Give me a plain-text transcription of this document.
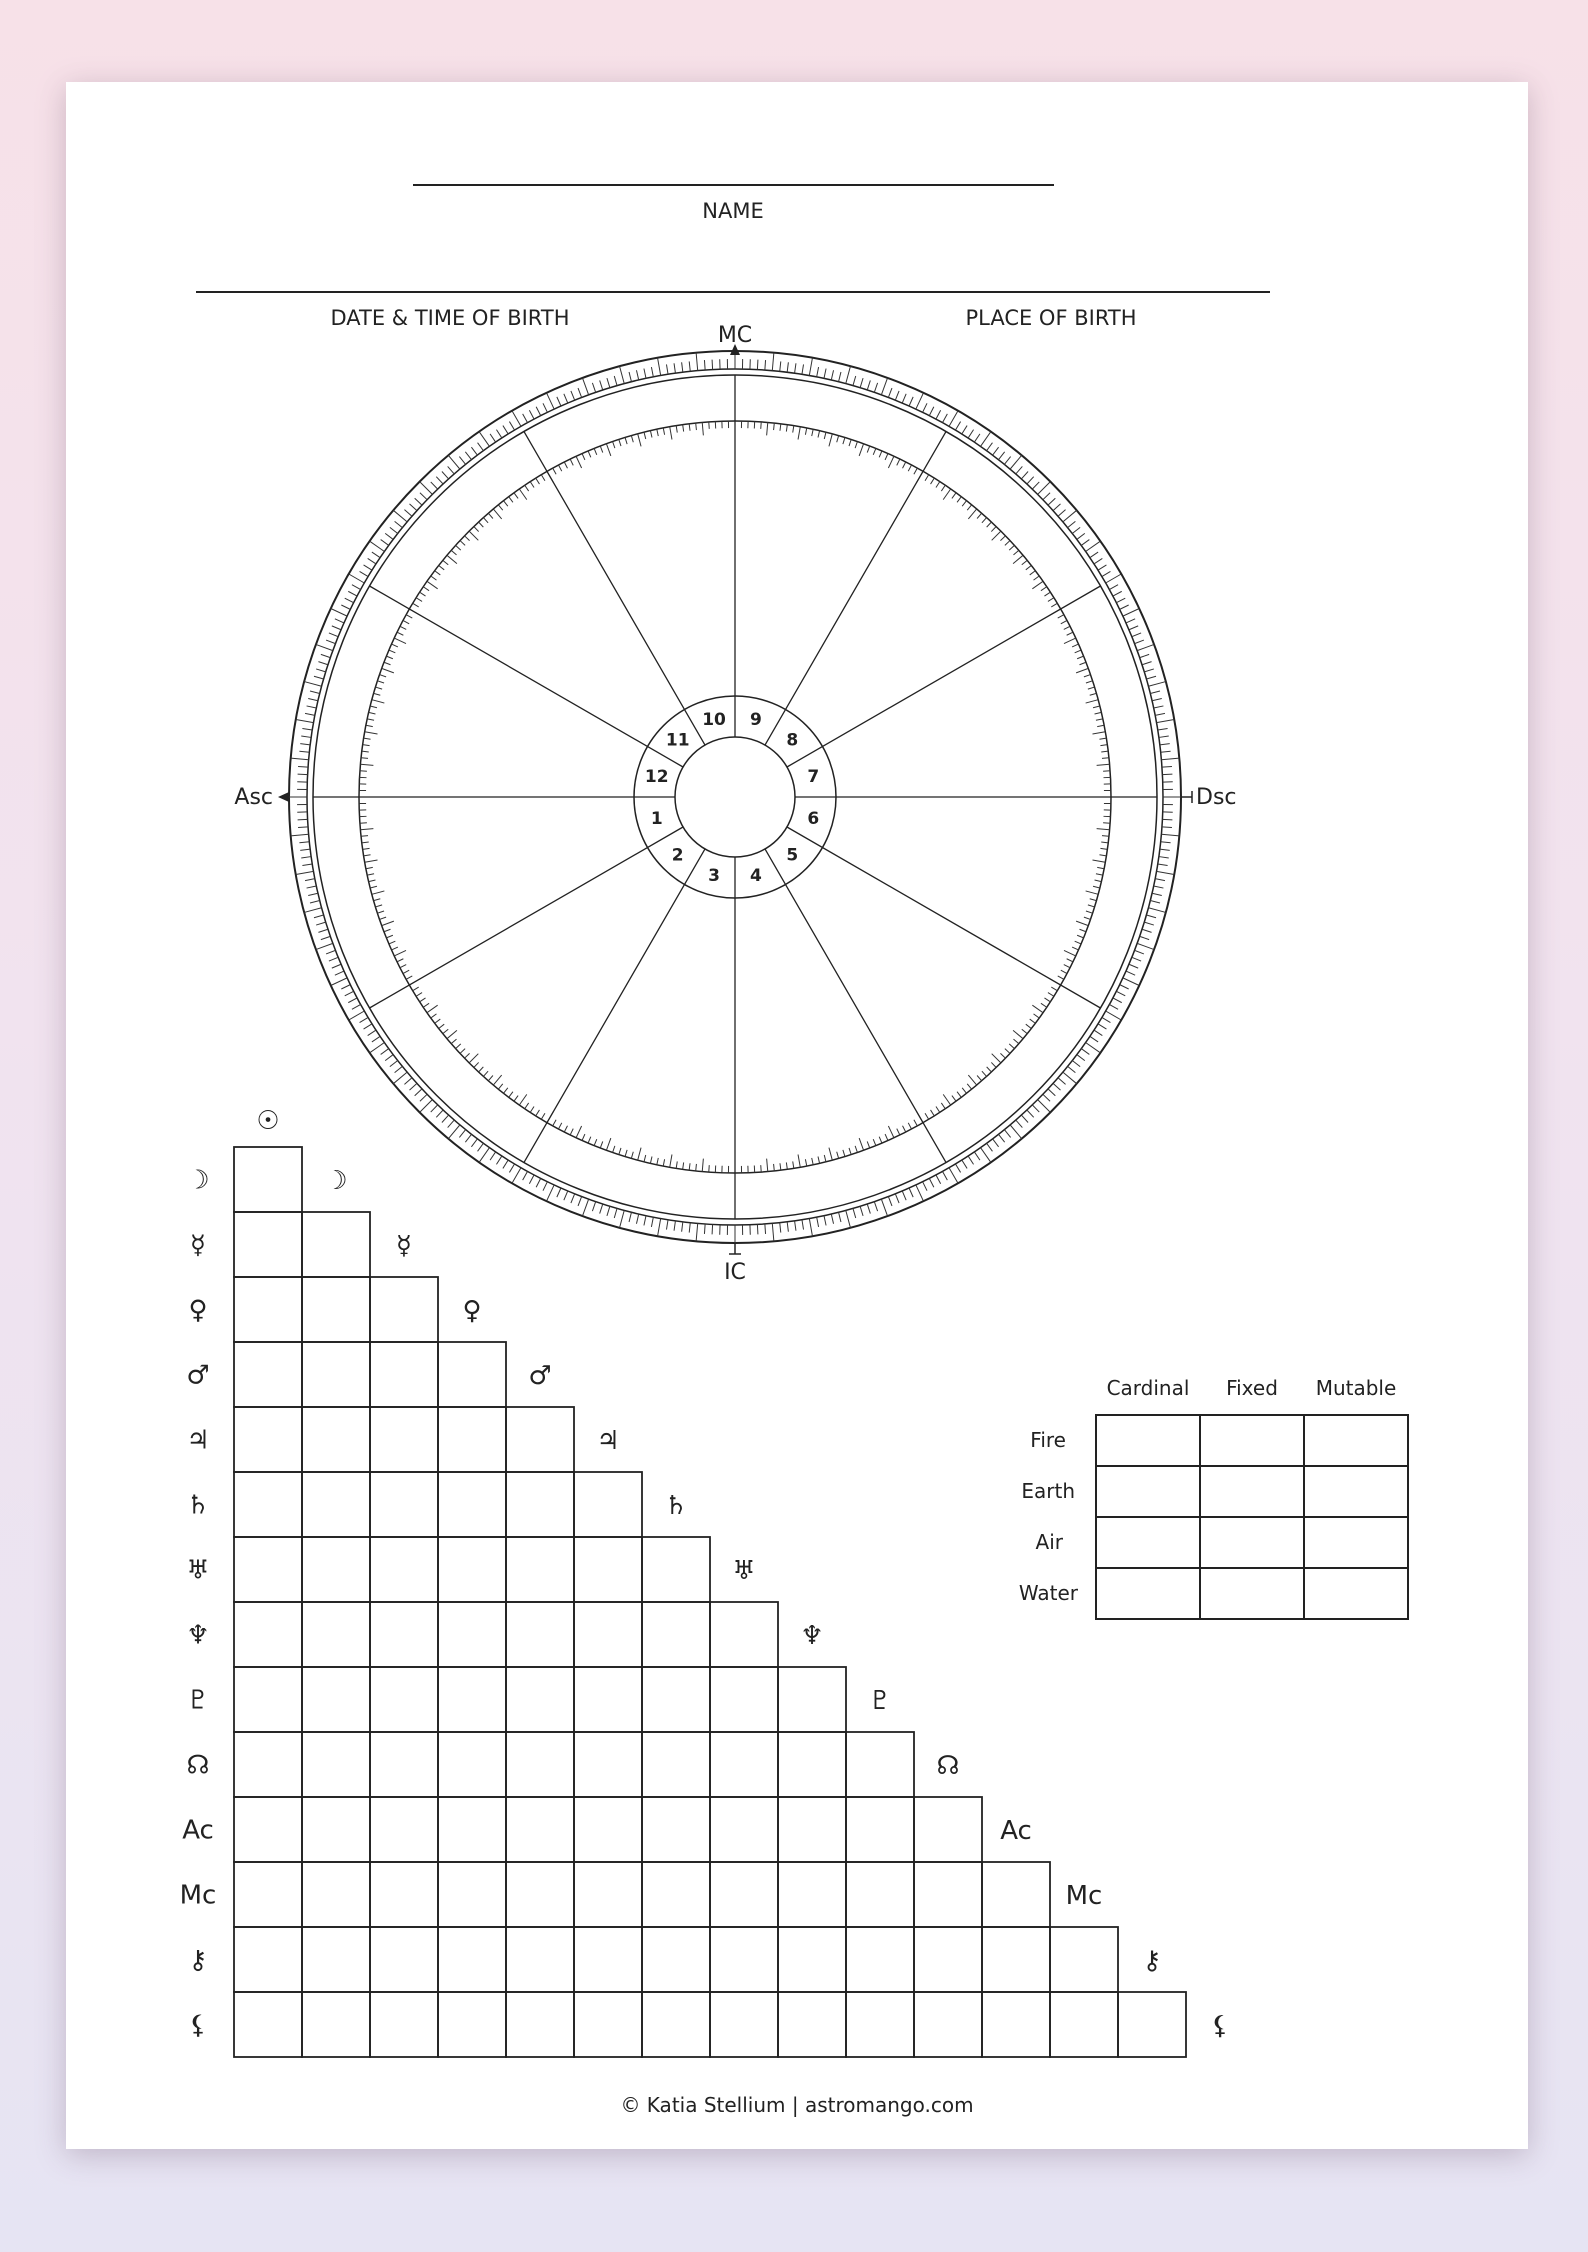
NAME
DATE & TIME OF BIRTH	PLACE OF BIRTH
1
2
3 4
5
6
7
8
9
10
11
12
MC
Asc	Dsc
IC
☽
☿
♀
♂
♃
♄
♅
♆
♇
☊
Ac
Mc
⚷
⚸
☉
☽
☿
♀
♂
♃
♄
♅
♆
♇
☊
Ac
Mc
⚷
⚸
Cardinal Fixed Mutable
Fire
Earth
Air
Water
© Katia Stellium | astromango.com
